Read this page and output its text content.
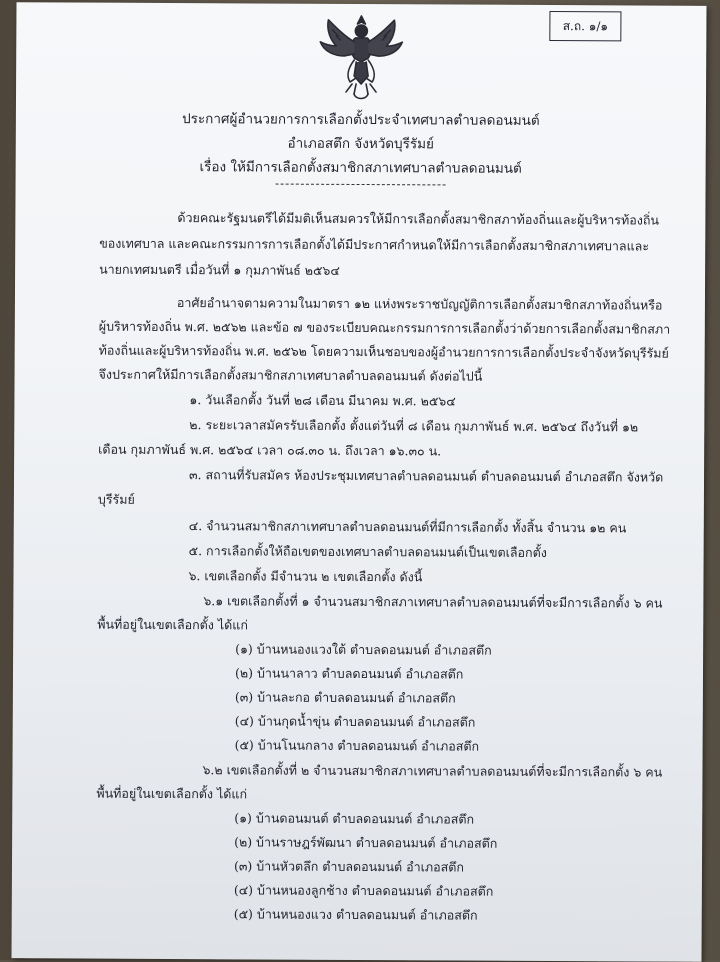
ส.ถ. ๑/๑
ประกาศผู้อำนวยการการเลือกตั้งประจำเทศบาลตำบลดอนมนต์
อำเภอสตึก จังหวัดบุรีรัมย์
เรื่อง ให้มีการเลือกตั้งสมาชิกสภาเทศบาลตำบลดอนมนต์
ด้วยคณะรัฐมนตรีได้มีมติเห็นสมควรให้มีการเลือกตั้งสมาชิกสภาท้องถิ่นและผู้บริหารท้องถิ่น
ของเทศบาล และคณะกรรมการการเลือกตั้งได้มีประกาศกำหนดให้มีการเลือกตั้งสมาชิกสภาเทศบาลและ
นายกเทศมนตรี เมื่อวันที่ ๑ กุมภาพันธ์ ๒๕๖๔
อาศัยอำนาจตามความในมาตรา ๑๒ แห่งพระราชบัญญัติการเลือกตั้งสมาชิกสภาท้องถิ่นหรือ
ผู้บริหารท้องถิ่น พ.ศ. ๒๕๖๒ และข้อ ๗ ของระเบียบคณะกรรมการการเลือกตั้งว่าด้วยการเลือกตั้งสมาชิกสภา
ท้องถิ่นและผู้บริหารท้องถิ่น พ.ศ. ๒๕๖๒ โดยความเห็นชอบของผู้อำนวยการการเลือกตั้งประจำจังหวัดบุรีรัมย์
จึงประกาศให้มีการเลือกตั้งสมาชิกสภาเทศบาลตำบลดอนมนต์ ดังต่อไปนี้
๑. วันเลือกตั้ง วันที่ ๒๘ เดือน มีนาคม พ.ศ. ๒๕๖๔
๒. ระยะเวลาสมัครรับเลือกตั้ง ตั้งแต่วันที่ ๘ เดือน กุมภาพันธ์ พ.ศ. ๒๕๖๔ ถึงวันที่ ๑๒
เดือน กุมภาพันธ์ พ.ศ. ๒๕๖๔ เวลา ๐๘.๓๐ น. ถึงเวลา ๑๖.๓๐ น.
๓. สถานที่รับสมัคร ห้องประชุมเทศบาลตำบลดอนมนต์ ตำบลดอนมนต์ อำเภอสตึก จังหวัด
บุรีรัมย์
๔. จำนวนสมาชิกสภาเทศบาลตำบลดอนมนต์ที่มีการเลือกตั้ง ทั้งสิ้น จำนวน ๑๒ คน
๕. การเลือกตั้งให้ถือเขตของเทศบาลตำบลดอนมนต์เป็นเขตเลือกตั้ง
๖. เขตเลือกตั้ง มีจำนวน ๒ เขตเลือกตั้ง ดังนี้
๖.๑ เขตเลือกตั้งที่ ๑ จำนวนสมาชิกสภาเทศบาลตำบลดอนมนต์ที่จะมีการเลือกตั้ง ๖ คน
พื้นที่อยู่ในเขตเลือกตั้ง ได้แก่
(๑) บ้านหนองแวงใต้ ตำบลดอนมนต์ อำเภอสตึก
(๒) บ้านนาลาว ตำบลดอนมนต์ อำเภอสตึก
(๓) บ้านละกอ ตำบลดอนมนต์ อำเภอสตึก
(๔) บ้านกุดน้ำขุ่น ตำบลดอนมนต์ อำเภอสตึก
(๕) บ้านโนนกลาง ตำบลดอนมนต์ อำเภอสตึก
๖.๒ เขตเลือกตั้งที่ ๒ จำนวนสมาชิกสภาเทศบาลตำบลดอนมนต์ที่จะมีการเลือกตั้ง ๖ คน
พื้นที่อยู่ในเขตเลือกตั้ง ได้แก่
(๑) บ้านดอนมนต์ ตำบลดอนมนต์ อำเภอสตึก
(๒) บ้านราษฎร์พัฒนา ตำบลดอนมนต์ อำเภอสตึก
(๓) บ้านหัวตลึก ตำบลดอนมนต์ อำเภอสตึก
(๔) บ้านหนองลูกช้าง ตำบลดอนมนต์ อำเภอสตึก
(๕) บ้านหนองแวง ตำบลดอนมนต์ อำเภอสตึก
